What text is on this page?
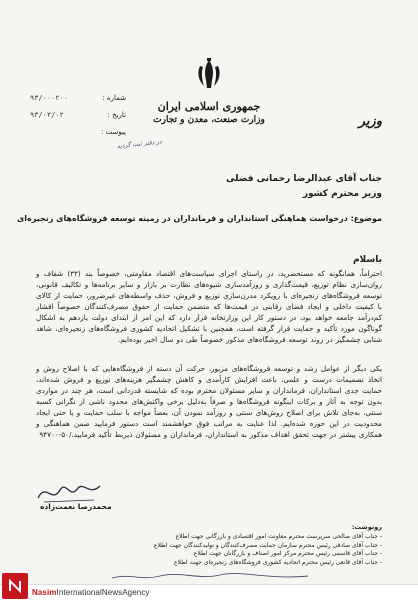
جمهوری اسلامی ایران
وزارت صنعت، معدن و تجارت	وزیر
شماره :
۹۳/۰۰۰۲۰۰
تاریخ :
۹۳/۰۲/۰۲
پیوست :
در دفتر ثبت گردید
جناب آقای عبدالرضا رحمانی فضلی
وزیر محترم کشور
موضوع: درخواست هماهنگی استانداران و فرمانداران در زمینه توسعه فروشگاه‌های زنجیره‌ای
باسلام
احتراماً، همانگونه که مستحضرید، در راستای اجرای سیاست‌های اقتصاد مقاومتی، خصوصاً بند (۳۳) شفاف و روان‌سازی نظام توزیع، قیمت‌گذاری و روزآمدسازی شیوه‌های نظارت بر بازار و سایر برنامه‌ها و تکالیف قانونی، توسعه فروشگاه‌های زنجیره‌ای با رویکرد مدرن‌سازی توزیع و فروش، حذف واسطه‌های غیرضرور، حمایت از کالای با کیفیت داخلی و ایجاد فضای رقابتی در قیمت‌ها که متضمن حمایت از حقوق مصرف‌کنندگان خصوصاً اقشار کم‌درآمد جامعه خواهد بود، در دستور کار این وزارتخانه قرار دارد که این امر از ابتدای دولت یازدهم به اشکال گوناگون مورد تأکید و حمایت قرار گرفته است، همچنین با تشکیل اتحادیه کشوری فروشگاه‌های زنجیره‌ای، شاهد شتابی چشمگیر در روند توسعه فروشگاه‌های مذکور خصوصاً طی دو سال اخیر بوده‌ایم.
یکی دیگر از عوامل رشد و توسعه فروشگاه‌های مزبور، حرکت آن دسته از فروشگاه‌هایی که با اصلاح روش و اتخاذ تصمیمات درست و علمی، باعث افزایش کارآمدی و کاهش چشمگیر هزینه‌های توزیع و فروش شده‌اند، حمایت جدی استانداران، فرمانداران و سایر مسئولان محترم بوده که شایسته قدردانی است، هر چند در مواردی بدون توجه به آثار و برکات اینگونه فروشگاه‌ها و صرفاً به‌دلیل برخی واکنش‌های محدود ناشی از نگرانی کسبه سنتی، به‌جای تلاش برای اصلاح روش‌های سنتی و روزآمد نمودن آن، بعضاً مواجه با سلب حمایت و یا حتی ایجاد محدودیت در این حوزه شده‌ایم. لذا عنایت به مراتب فوق خواهشمند است دستور فرمایید ضمن هماهنگی و همکاری بیشتر در جهت تحقق اهداف مذکور به استانداران، فرمانداران و مسئولان ذیربط تأکید فرمایید./۵۰-۹۴۷۰۰
محمدرضا نعمت‌زاده
رونوشت:
- جناب آقای صالحی سرپرست محترم معاونت امور اقتصادی و بازرگانی جهت اطلاع
- جناب آقای صادقی رئیس محترم سازمان حمایت مصرف‌کنندگان و تولیدکنندگان جهت اطلاع
- جناب آقای قاسمی رئیس محترم مرکز امور اصناف و بازرگانان جهت اطلاع
- جناب آقای قانعی رئیس محترم اتحادیه کشوری فروشگاه‌های زنجیره‌ای جهت اطلاع
NasimInternationalNewsAgency
